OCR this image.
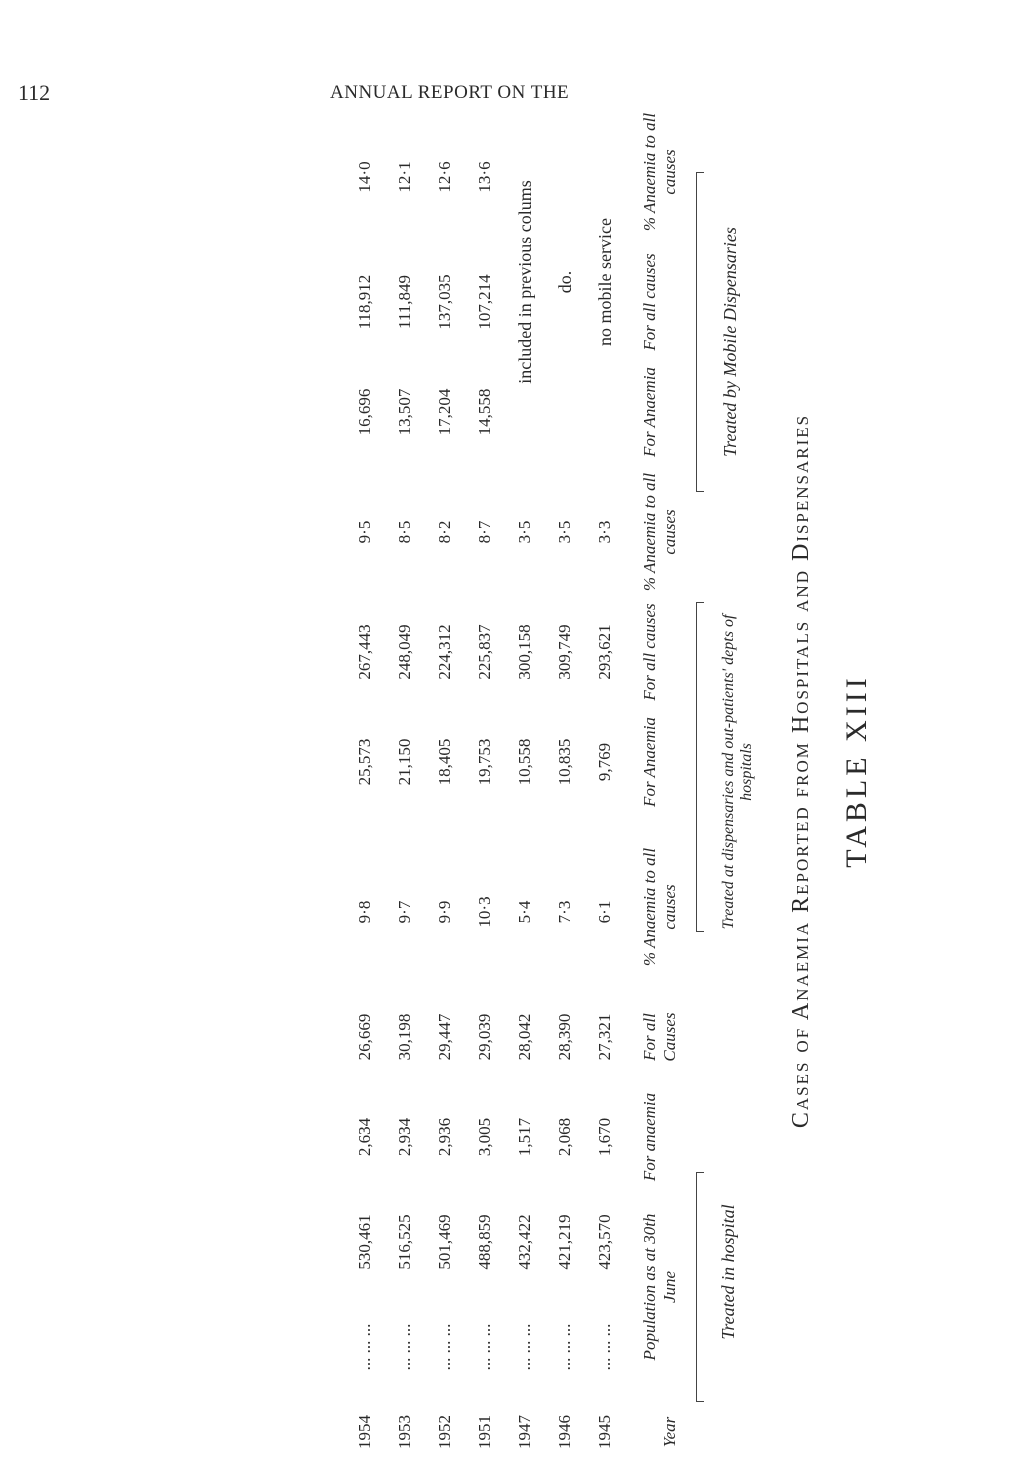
112	ANNUAL REPORT ON THE
TABLE XIII
Cases of Anaemia Reported from Hospitals and Dispensaries
Treated in hospital
Treated at dispensaries and out-patients' depts of hospitals
Treated by Mobile Dispensaries
Year
Population as at 30th June
For anaemia
For all Causes
% Anaemia to all causes
For Anaemia
For all causes
% Anaemia to all causes
For Anaemia
For all causes
% Anaemia to all causes
no mobile service
do.
included in previous colums
1945
... ... ...
423,570
1,670
27,321
6·1
9,769
293,621
3·3
1946
... ... ...
421,219
2,068
28,390
7·3
10,835
309,749
3·5
1947
... ... ...
432,422
1,517
28,042
5·4
10,558
300,158
3·5
1951
... ... ...
488,859
3,005
29,039
10·3
19,753
225,837
8·7
14,558
107,214
13·6
1952
... ... ...
501,469
2,936
29,447
9·9
18,405
224,312
8·2
17,204
137,035
12·6
1953
... ... ...
516,525
2,934
30,198
9·7
21,150
248,049
8·5
13,507
111,849
12·1
1954
... ... ...
530,461
2,634
26,669
9·8
25,573
267,443
9·5
16,696
118,912
14·0
